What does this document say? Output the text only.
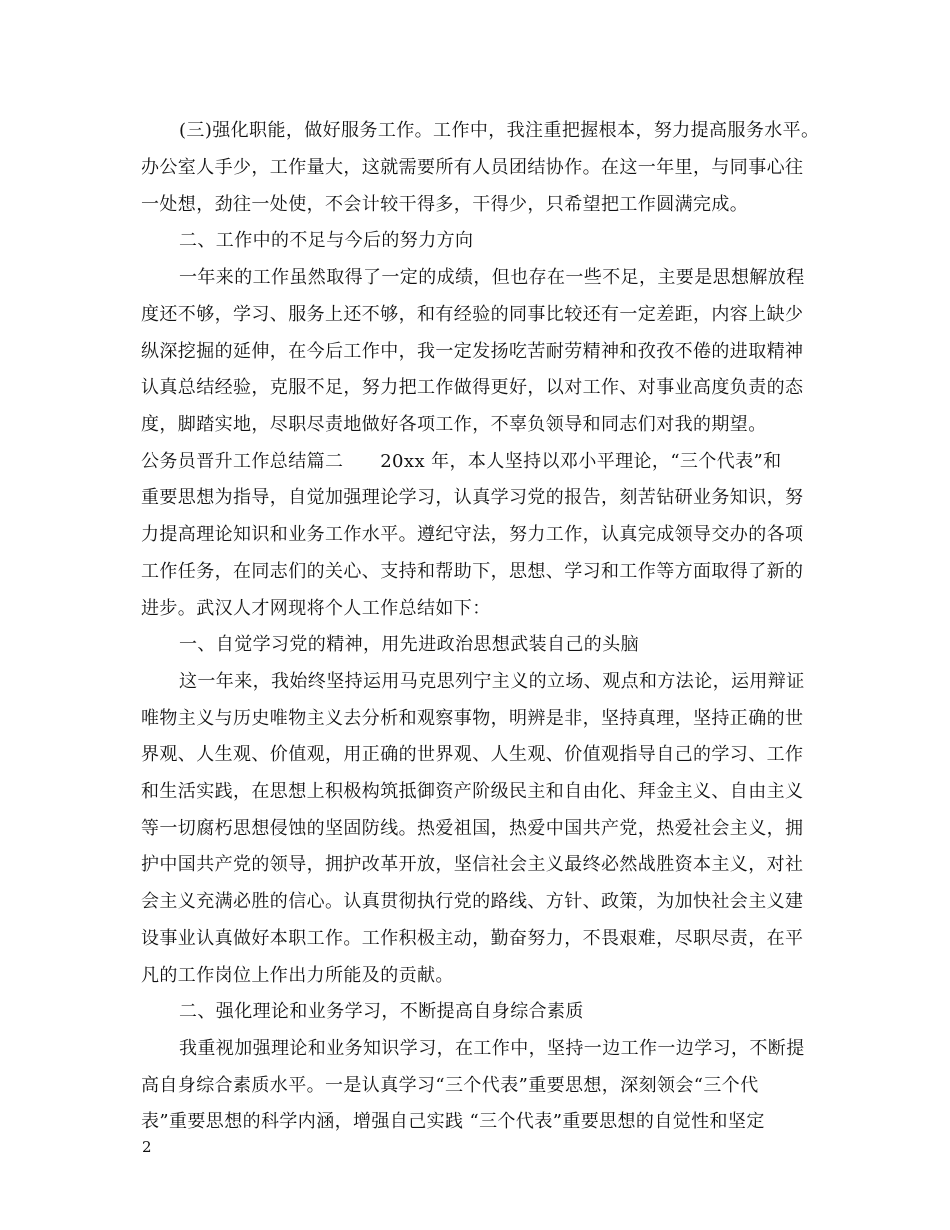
(三)强化职能，做好服务工作。工作中，我注重把握根本，努力提高服务水平。
办公室人手少，工作量大，这就需要所有人员团结协作。在这一年里，与同事心往
一处想，劲往一处使，不会计较干得多，干得少，只希望把工作圆满完成。
二、工作中的不足与今后的努力方向
一年来的工作虽然取得了一定的成绩，但也存在一些不足，主要是思想解放程
度还不够，学习、服务上还不够，和有经验的同事比较还有一定差距，内容上缺少
纵深挖掘的延伸，在今后工作中，我一定发扬吃苦耐劳精神和孜孜不倦的进取精神
认真总结经验，克服不足，努力把工作做得更好，以对工作、对事业高度负责的态
度，脚踏实地，尽职尽责地做好各项工作，不辜负领导和同志们对我的期望。
公务员晋升工作总结篇二　　20xx 年，本人坚持以邓小平理论，“三个代表”和
重要思想为指导，自觉加强理论学习，认真学习党的报告，刻苦钻研业务知识，努
力提高理论知识和业务工作水平。遵纪守法，努力工作，认真完成领导交办的各项
工作任务，在同志们的关心、支持和帮助下，思想、学习和工作等方面取得了新的
进步。武汉人才网现将个人工作总结如下：
一、自觉学习党的精神，用先进政治思想武装自己的头脑
这一年来，我始终坚持运用马克思列宁主义的立场、观点和方法论，运用辩证
唯物主义与历史唯物主义去分析和观察事物，明辨是非，坚持真理，坚持正确的世
界观、人生观、价值观，用正确的世界观、人生观、价值观指导自己的学习、工作
和生活实践，在思想上积极构筑抵御资产阶级民主和自由化、拜金主义、自由主义
等一切腐朽思想侵蚀的坚固防线。热爱祖国，热爱中国共产党，热爱社会主义，拥
护中国共产党的领导，拥护改革开放，坚信社会主义最终必然战胜资本主义，对社
会主义充满必胜的信心。认真贯彻执行党的路线、方针、政策，为加快社会主义建
设事业认真做好本职工作。工作积极主动，勤奋努力，不畏艰难，尽职尽责，在平
凡的工作岗位上作出力所能及的贡献。
二、强化理论和业务学习，不断提高自身综合素质
我重视加强理论和业务知识学习，在工作中，坚持一边工作一边学习，不断提
高自身综合素质水平。一是认真学习“三个代表”重要思想，深刻领会“三个代
表”重要思想的科学内涵，增强自己实践 “三个代表”重要思想的自觉性和坚定
2
